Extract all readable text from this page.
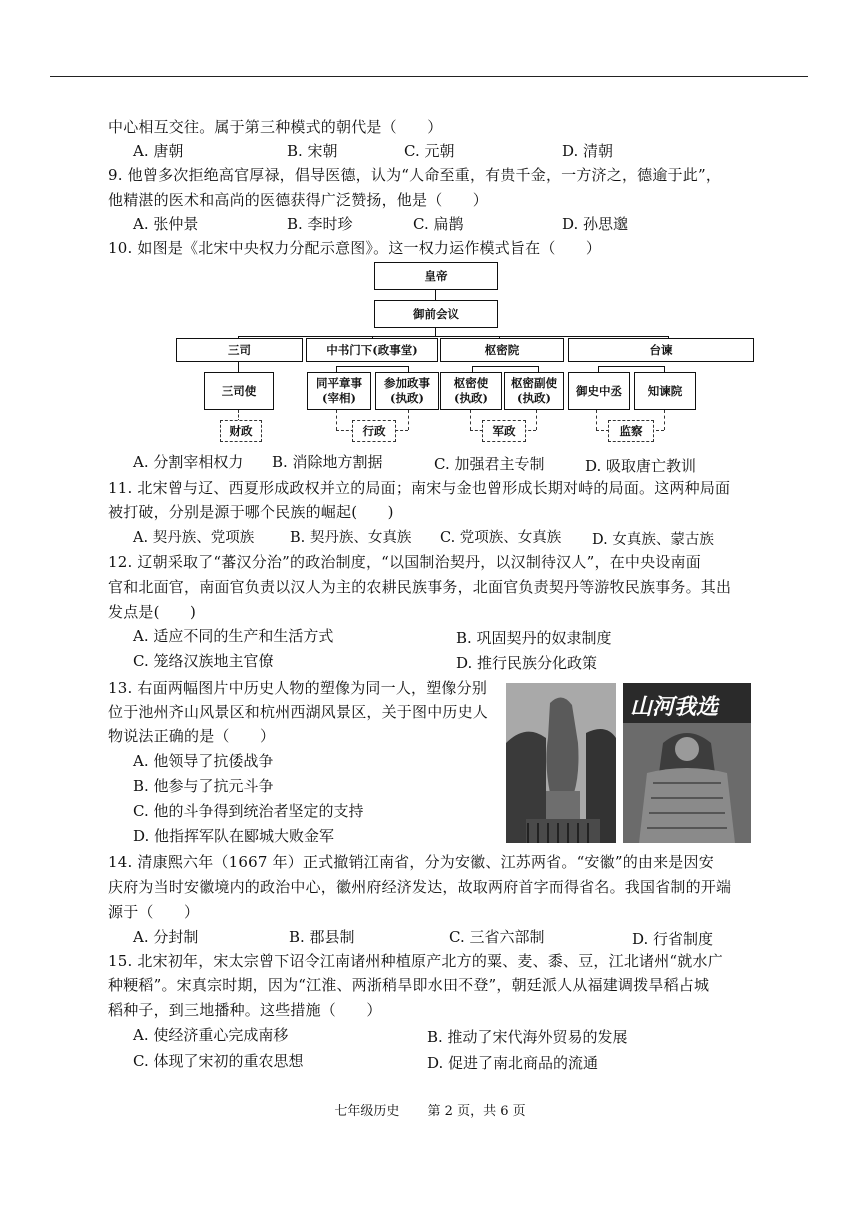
中心相互交往。属于第三种模式的朝代是（　　）
A. 唐朝	B. 宋朝	C. 元朝	D. 清朝
9. 他曾多次拒绝高官厚禄，倡导医德，认为“人命至重，有贵千金，一方济之，德逾于此”，
他精湛的医术和高尚的医德获得广泛赞扬，他是（　　）
A. 张仲景	B. 李时珍	C. 扁鹊	D. 孙思邈
10. 如图是《北宋中央权力分配示意图》。这一权力运作模式旨在（　　）
皇帝
御前会议
三司	中书门下(政事堂)	枢密院	台谏
三司使
同平章事
(宰相)
参加政事
(执政)
枢密使
(执政)
枢密副使
(执政)
御史中丞	知谏院
财政	行政	军政	监察
A. 分割宰相权力 B. 消除地方割据	C. 加强君主专制	D. 吸取唐亡教训
11. 北宋曾与辽、西夏形成政权并立的局面；南宋与金也曾形成长期对峙的局面。这两种局面
被打破，分别是源于哪个民族的崛起(　　)
A. 契丹族、党项族 B. 契丹族、女真族 C. 党项族、女真族 D. 女真族、蒙古族
12. 辽朝采取了“蕃汉分治”的政治制度，“以国制治契丹，以汉制待汉人”，在中央设南面
官和北面官，南面官负责以汉人为主的农耕民族事务，北面官负责契丹等游牧民族事务。其出
发点是(　　)
A. 适应不同的生产和生活方式	B. 巩固契丹的奴隶制度
C. 笼络汉族地主官僚	D. 推行民族分化政策
13. 右面两幅图片中历史人物的塑像为同一人，塑像分别
位于池州齐山风景区和杭州西湖风景区，关于图中历史人
物说法正确的是（　　）
A. 他领导了抗倭战争
B. 他参与了抗元斗争
C. 他的斗争得到统治者坚定的支持
D. 他指挥军队在郾城大败金军
山河我选
14. 清康熙六年（1667 年）正式撤销江南省，分为安徽、江苏两省。“安徽”的由来是因安
庆府为当时安徽境内的政治中心，徽州府经济发达，故取两府首字而得省名。我国省制的开端
源于（　　）
A. 分封制	B. 郡县制	C. 三省六部制	D. 行省制度
15. 北宋初年，宋太宗曾下诏令江南诸州种植原产北方的粟、麦、黍、豆，江北诸州“就水广
种粳稻”。宋真宗时期，因为“江淮、两浙稍旱即水田不登”，朝廷派人从福建调拨旱稻占城
稻种子，到三地播种。这些措施（　　）
A. 使经济重心完成南移	B. 推动了宋代海外贸易的发展
C. 体现了宋初的重农思想	D. 促进了南北商品的流通
七年级历史 第 2 页，共 6 页
